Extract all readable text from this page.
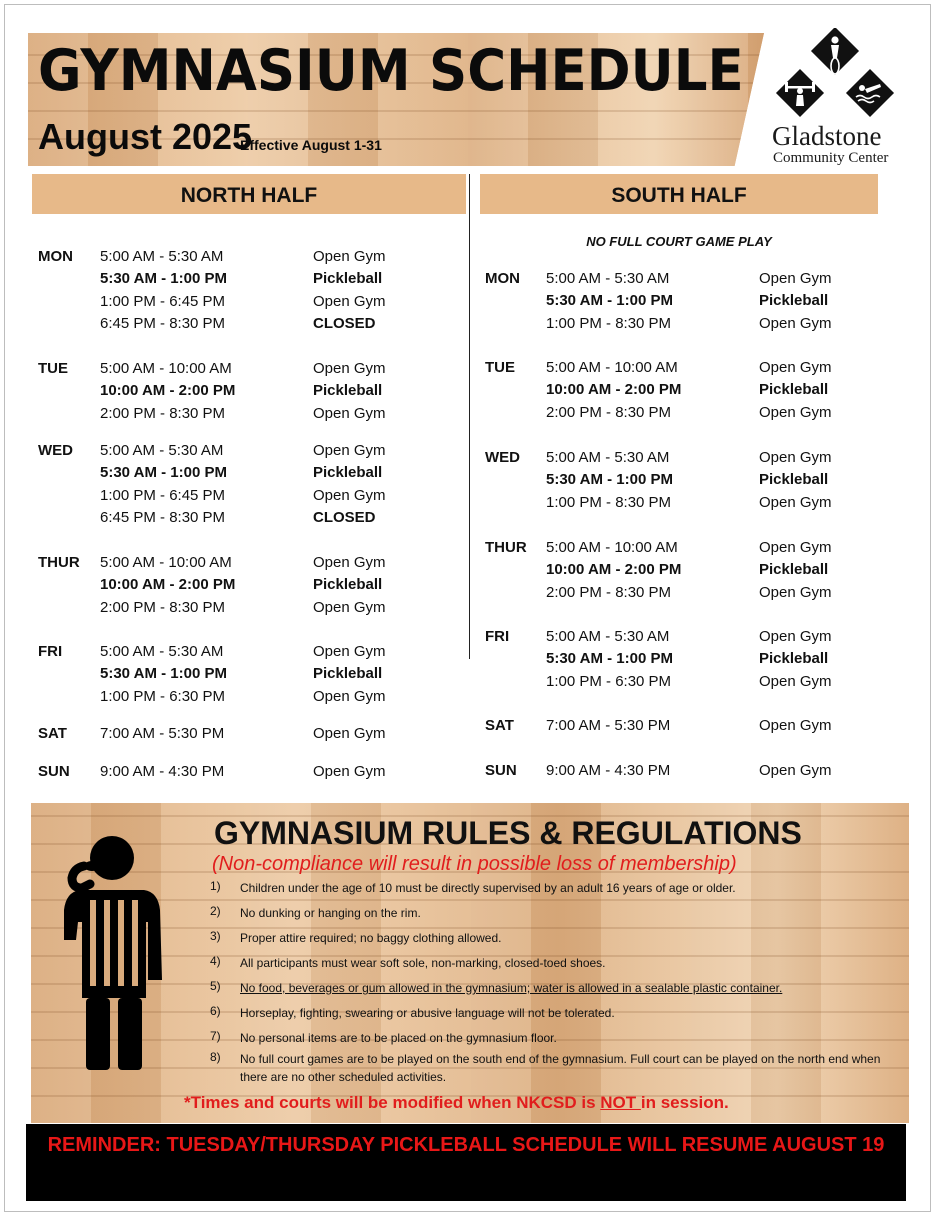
GYMNASIUM SCHEDULE
August 2025
Effective August 1-31	Gladstone
Community Center
NORTH HALF	SOUTH HALF
NO FULL COURT GAME PLAY
MON 5:00 AM - 5:30 AM	Open Gym
5:30 AM - 1:00 PM	Pickleball
1:00 PM - 6:45 PM	Open Gym
6:45 PM - 8:30 PM	CLOSED
TUE 5:00 AM - 10:00 AM	Open Gym
10:00 AM - 2:00 PM	Pickleball
2:00 PM - 8:30 PM	Open Gym
WED 5:00 AM - 5:30 AM	Open Gym
5:30 AM - 1:00 PM	Pickleball
1:00 PM - 6:45 PM	Open Gym
6:45 PM - 8:30 PM	CLOSED
THUR 5:00 AM - 10:00 AM	Open Gym
10:00 AM - 2:00 PM	Pickleball
2:00 PM - 8:30 PM	Open Gym
FRI	5:00 AM - 5:30 AM	Open Gym
5:30 AM - 1:00 PM	Pickleball
1:00 PM - 6:30 PM	Open Gym
SAT 7:00 AM - 5:30 PM	Open Gym
SUN 9:00 AM - 4:30 PM	Open Gym
MON 5:00 AM - 5:30 AM	Open Gym
5:30 AM - 1:00 PM	Pickleball
1:00 PM - 8:30 PM	Open Gym
TUE 5:00 AM - 10:00 AM	Open Gym
10:00 AM - 2:00 PM	Pickleball
2:00 PM - 8:30 PM	Open Gym
WED 5:00 AM - 5:30 AM	Open Gym
5:30 AM - 1:00 PM	Pickleball
1:00 PM - 8:30 PM	Open Gym
THUR 5:00 AM - 10:00 AM	Open Gym
10:00 AM - 2:00 PM	Pickleball
2:00 PM - 8:30 PM	Open Gym
FRI 5:00 AM - 5:30 AM	Open Gym
5:30 AM - 1:00 PM	Pickleball
1:00 PM - 6:30 PM	Open Gym
SAT 7:00 AM - 5:30 PM	Open Gym
SUN 9:00 AM - 4:30 PM	Open Gym
GYMNASIUM RULES & REGULATIONS
(Non-compliance will result in possible loss of membership)
1) Children under the age of 10 must be directly supervised by an adult 16 years of age or older.
2) No dunking or hanging on the rim.
3) Proper attire required; no baggy clothing allowed.
4) All participants must wear soft sole, non-marking, closed-toed shoes.
5) No food, beverages or gum allowed in the gymnasium; water is allowed in a sealable plastic container.
6) Horseplay, fighting, swearing or abusive language will not be tolerated.
7) No personal items are to be placed on the gymnasium floor.
8) No full court games are to be played on the south end of the gymnasium. Full court can be played on the north end when there are no other scheduled activities.
*Times and courts will be modified when NKCSD is NOT in session.
REMINDER: TUESDAY/THURSDAY PICKLEBALL SCHEDULE WILL RESUME AUGUST 19
